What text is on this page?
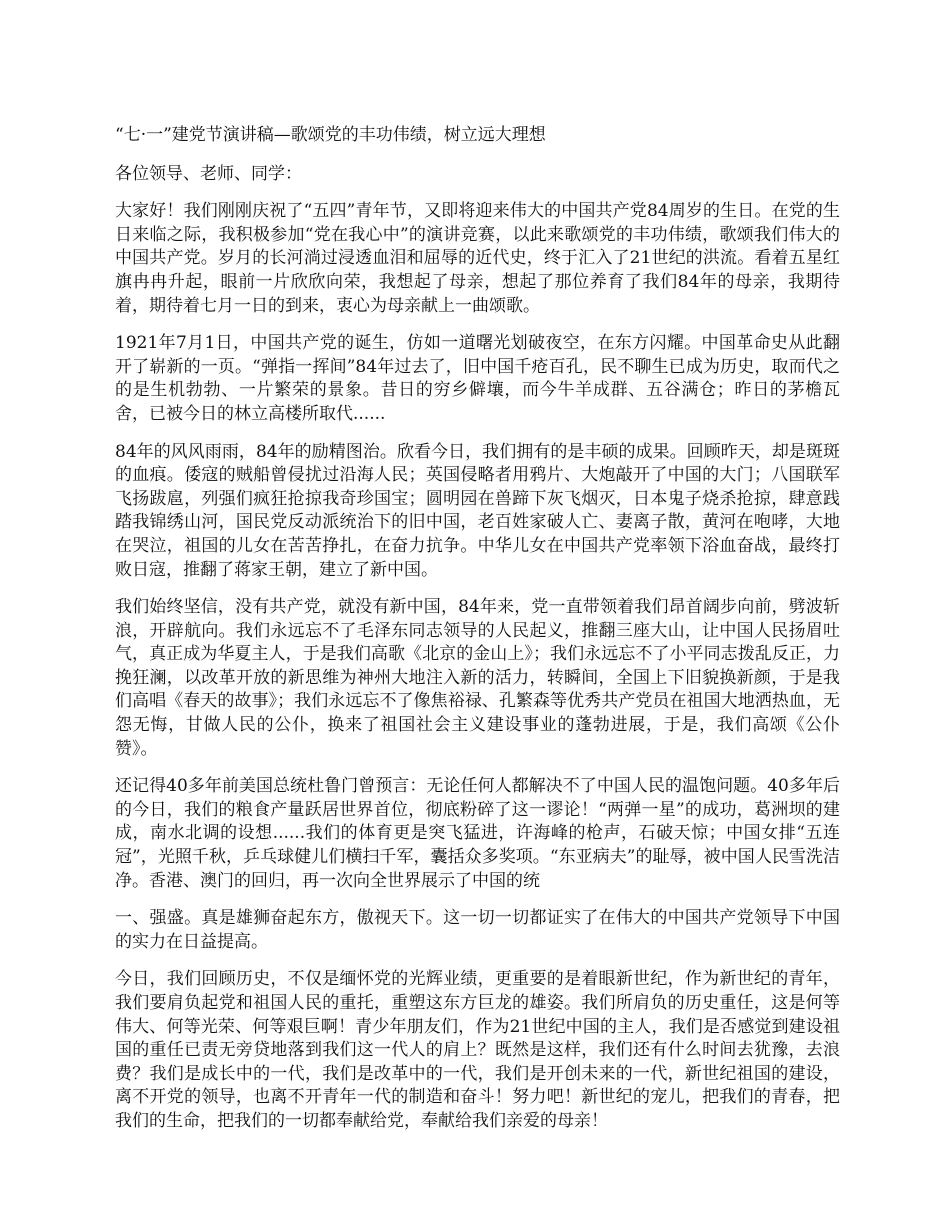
“七·一”建党节演讲稿—歌颂党的丰功伟绩，树立远大理想

各位领导、老师、同学：

大家好！我们刚刚庆祝了“五四”青年节，又即将迎来伟大的中国共产党84周岁的生日。在党的生日来临之际，我积极参加“党在我心中”的演讲竞赛，以此来歌颂党的丰功伟绩，歌颂我们伟大的中国共产党。岁月的长河淌过浸透血泪和屈辱的近代史，终于汇入了21世纪的洪流。看着五星红旗冉冉升起，眼前一片欣欣向荣，我想起了母亲，想起了那位养育了我们84年的母亲，我期待着，期待着七月一日的到来，衷心为母亲献上一曲颂歌。

1921年7月1日，中国共产党的诞生，仿如一道曙光划破夜空，在东方闪耀。中国革命史从此翻开了崭新的一页。“弹指一挥间”84年过去了，旧中国千疮百孔，民不聊生已成为历史，取而代之的是生机勃勃、一片繁荣的景象。昔日的穷乡僻壤，而今牛羊成群、五谷满仓；昨日的茅檐瓦舍，已被今日的林立高楼所取代......

84年的风风雨雨，84年的励精图治。欣看今日，我们拥有的是丰硕的成果。回顾昨天，却是斑斑的血痕。倭寇的贼船曾侵扰过沿海人民；英国侵略者用鸦片、大炮敲开了中国的大门；八国联军飞扬跋扈，列强们疯狂抢掠我奇珍国宝；圆明园在兽蹄下灰飞烟灭，日本鬼子烧杀抢掠，肆意践踏我锦绣山河，国民党反动派统治下的旧中国，老百姓家破人亡、妻离子散，黄河在咆哮，大地在哭泣，祖国的儿女在苦苦挣扎，在奋力抗争。中华儿女在中国共产党率领下浴血奋战，最终打败日寇，推翻了蒋家王朝，建立了新中国。

我们始终坚信，没有共产党，就没有新中国，84年来，党一直带领着我们昂首阔步向前，劈波斩浪，开辟航向。我们永远忘不了毛泽东同志领导的人民起义，推翻三座大山，让中国人民扬眉吐气，真正成为华夏主人，于是我们高歌《北京的金山上》；我们永远忘不了小平同志拨乱反正，力挽狂澜，以改革开放的新思维为神州大地注入新的活力，转瞬间，全国上下旧貌换新颜，于是我们高唱《春天的故事》；我们永远忘不了像焦裕禄、孔繁森等优秀共产党员在祖国大地洒热血，无怨无悔，甘做人民的公仆，换来了祖国社会主义建设事业的蓬勃进展，于是，我们高颂《公仆赞》。

还记得40多年前美国总统杜鲁门曾预言：无论任何人都解决不了中国人民的温饱问题。40多年后的今日，我们的粮食产量跃居世界首位，彻底粉碎了这一谬论！“两弹一星”的成功，葛洲坝的建成，南水北调的设想......我们的体育更是突飞猛进，许海峰的枪声，石破天惊；中国女排“五连冠”，光照千秋，乒乓球健儿们横扫千军，囊括众多奖项。“东亚病夫”的耻辱，被中国人民雪洗洁净。香港、澳门的回归，再一次向全世界展示了中国的统

一、强盛。真是雄狮奋起东方，傲视天下。这一切一切都证实了在伟大的中国共产党领导下中国的实力在日益提高。

今日，我们回顾历史，不仅是缅怀党的光辉业绩，更重要的是着眼新世纪，作为新世纪的青年，我们要肩负起党和祖国人民的重托，重塑这东方巨龙的雄姿。我们所肩负的历史重任，这是何等伟大、何等光荣、何等艰巨啊！青少年朋友们，作为21世纪中国的主人，我们是否感觉到建设祖国的重任已责无旁贷地落到我们这一代人的肩上？既然是这样，我们还有什么时间去犹豫，去浪费？我们是成长中的一代，我们是改革中的一代，我们是开创未来的一代，新世纪祖国的建设，离不开党的领导，也离不开青年一代的制造和奋斗！努力吧！新世纪的宠儿，把我们的青春，把我们的生命，把我们的一切都奉献给党，奉献给我们亲爱的母亲！
